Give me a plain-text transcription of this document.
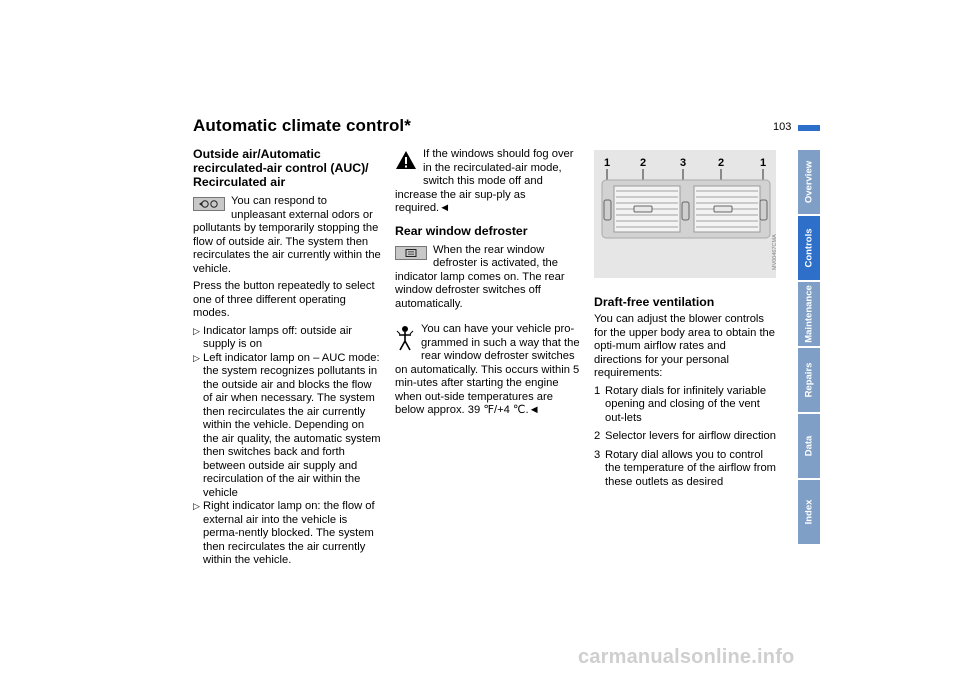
Automatic climate control*	103
Outside air/Automatic recirculated-air control (AUC)/ Recirculated air

You can respond to unpleasant external odors or pollutants by temporarily stopping the flow of outside air. The system then recirculates the air currently within the vehicle.

Press the button repeatedly to select one of three different operating modes.

▷ Indicator lamps off: outside air supply is on
▷ Left indicator lamp on – AUC mode: the system recognizes pollutants in the outside air and blocks the flow of air when necessary. The system then recirculates the air currently within the vehicle. Depending on the air quality, the automatic system then switches back and forth between outside air supply and recirculation of the air within the vehicle
▷ Right indicator lamp on: the flow of external air into the vehicle is perma-nently blocked. The system then recirculates the air currently within the vehicle.

If the windows should fog over in the recirculated-air mode, switch this mode off and increase the air sup-ply as required.◄

Rear window defroster

When the rear window defroster is activated, the indicator lamp comes on. The rear window defroster switches off automatically.

You can have your vehicle pro-grammed in such a way that the rear window defroster switches on automatically. This occurs within 5 min-utes after starting the engine when out-side temperatures are below approx. 39 ℉/+4 ℃.◄

1	2	3	2	1
MV00467CMA
Draft-free ventilation

You can adjust the blower controls for the upper body area to obtain the opti-mum airflow rates and directions for your personal requirements:

1 Rotary dials for infinitely variable opening and closing of the vent out-lets
2 Selector levers for airflow direction
3 Rotary dial allows you to control the temperature of the airflow from these outlets as desired
Overview
Controls
Maintenance
Repairs
Data
Index
carmanualsonline.info
